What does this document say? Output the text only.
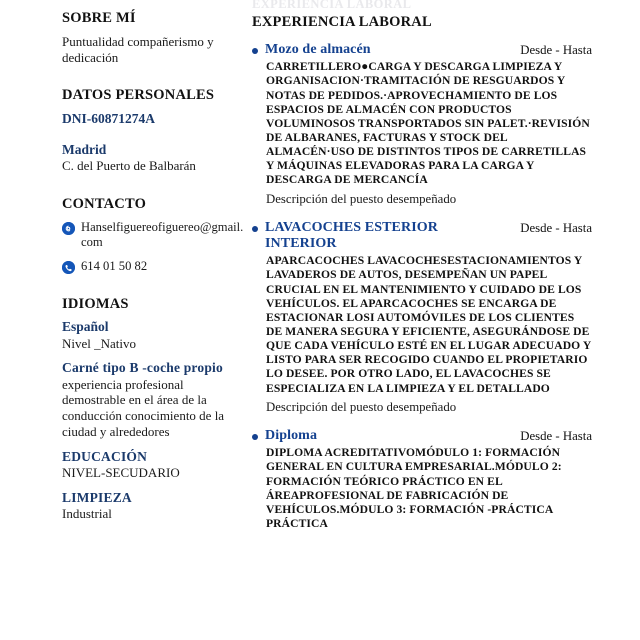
EXPERIENCIA LABORAL
SOBRE MÍ

Puntualidad compañerismo y dedicación

DATOS PERSONALES

DNI-60871274A

Madrid

C. del Puerto de Balbarán

CONTACTO
Hanselfiguereofiguereo@gmail.com
614 01 50 82
IDIOMAS

Español

Nivel _Nativo

Carné tipo B -coche propio

experiencia profesional demostrable en el área de la conducción conocimiento de la ciudad y alrededores

EDUCACIÓN

NIVEL-SECUDARIO

LIMPIEZA

Industrial

EXPERIENCIA LABORAL
Mozo de almacén	Desde - Hasta

CARRETILLERO●CARGA Y DESCARGA LIMPIEZA Y ORGANISACION·TRAMITACIÓN DE RESGUARDOS Y NOTAS DE PEDIDOS.·APROVECHAMIENTO DE LOS ESPACIOS DE ALMACÉN CON PRODUCTOS VOLUMINOSOS TRANSPORTADOS SIN PALET.·REVISIÓN DE ALBARANES, FACTURAS Y STOCK DEL ALMACÉN·USO DE DISTINTOS TIPOS DE CARRETILLAS Y MÁQUINAS ELEVADORAS PARA LA CARGA Y DESCARGA DE MERCANCÍA

Descripción del puesto desempeñado

LAVACOCHES ESTERIOR INTERIOR
Desde - Hasta

APARCACOCHES LAVACOCHESESTACIONAMIENTOS Y LAVADEROS DE AUTOS, DESEMPEÑAN UN PAPEL CRUCIAL EN EL MANTENIMIENTO Y CUIDADO DE LOS VEHÍCULOS. EL APARCACOCHES SE ENCARGA DE ESTACIONAR LOSI AUTOMÓVILES DE LOS CLIENTES DE MANERA SEGURA Y EFICIENTE, ASEGURÁNDOSE DE QUE CADA VEHÍCULO ESTÉ EN EL LUGAR ADECUADO Y LISTO PARA SER RECOGIDO CUANDO EL PROPIETARIO LO DESEE. POR OTRO LADO, EL LAVACOCHES SE ESPECIALIZA EN LA LIMPIEZA Y EL DETALLADO

Descripción del puesto desempeñado

Diploma	Desde - Hasta

DIPLOMA ACREDITATIVOMÓDULO 1: FORMACIÓN GENERAL EN CULTURA EMPRESARIAL.MÓDULO 2: FORMACIÓN TEÓRICO PRÁCTICO EN EL ÁREAPROFESIONAL DE FABRICACIÓN DE VEHÍCULOS.MÓDULO 3: FORMACIÓN -PRÁCTICA PRÁCTICA
